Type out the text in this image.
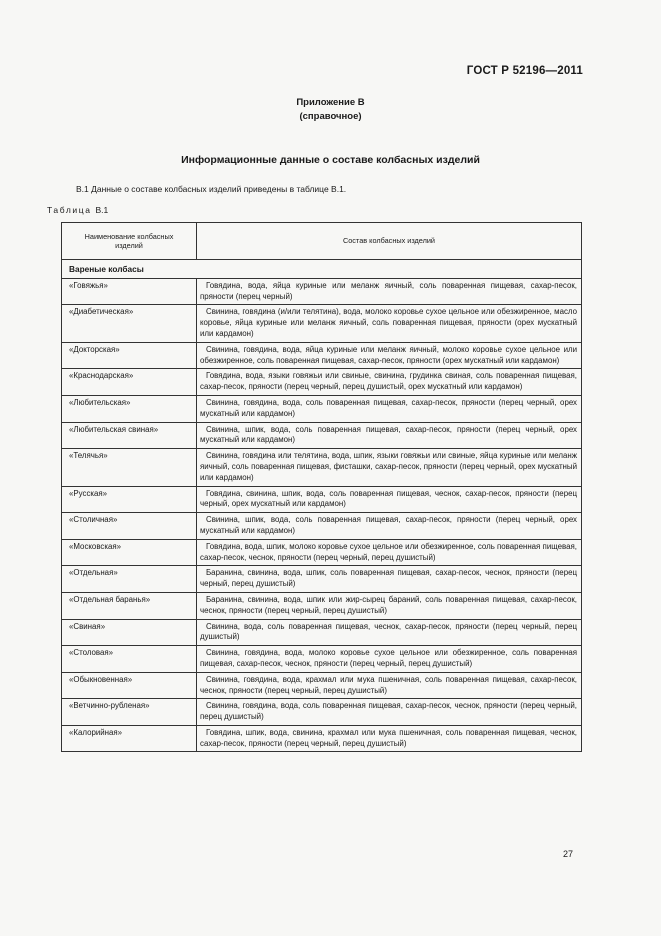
ГОСТ Р 52196—2011
Приложение В
(справочное)
Информационные данные о составе колбасных изделий
В.1 Данные о составе колбасных изделий приведены в таблице В.1.
Таблица В.1
Наименование колбасных изделий	Состав колбасных изделий
Вареные колбасы	
«Говяжья»	Говядина, вода, яйца куриные или меланж яичный, соль поваренная пищевая, сахар-песок, пряности (перец черный)
«Диабетическая»	Свинина, говядина (и/или телятина), вода, молоко коровье сухое цельное или обезжиренное, масло коровье, яйца куриные или меланж яичный, соль поваренная пищевая, пряности (орех мускатный или кардамон)
«Докторская»	Свинина, говядина, вода, яйца куриные или меланж яичный, молоко коровье сухое цельное или обезжиренное, соль поваренная пищевая, сахар-песок, пряности (орех мускатный или кардамон)
«Краснодарская»	Говядина, вода, языки говяжьи или свиные, свинина, грудинка свиная, соль поваренная пищевая, сахар-песок, пряности (перец черный, перец душистый, орех мускатный или кардамон)
«Любительская»	Свинина, говядина, вода, соль поваренная пищевая, сахар-песок, пряности (перец черный, орех мускатный или кардамон)
«Любительская свиная»	Свинина, шпик, вода, соль поваренная пищевая, сахар-песок, пряности (перец черный, орех мускатный или кардамон)
«Телячья»	Свинина, говядина или телятина, вода, шпик, языки говяжьи или свиные, яйца куриные или меланж яичный, соль поваренная пищевая, фисташки, сахар-песок, пряности (перец черный, орех мускатный или кардамон)
«Русская»	Говядина, свинина, шпик, вода, соль поваренная пищевая, чеснок, сахар-песок, пряности (перец черный, орех мускатный или кардамон)
«Столичная»	Свинина, шпик, вода, соль поваренная пищевая, сахар-песок, пряности (перец черный, орех мускатный или кардамон)
«Московская»	Говядина, вода, шпик, молоко коровье сухое цельное или обезжиренное, соль поваренная пищевая, сахар-песок, чеснок, пряности (перец черный, перец душистый)
«Отдельная»	Баранина, свинина, вода, шпик, соль поваренная пищевая, сахар-песок, чеснок, пряности (перец черный, перец душистый)
«Отдельная баранья»	Баранина, свинина, вода, шпик или жир-сырец бараний, соль поваренная пищевая, сахар-песок, чеснок, пряности (перец черный, перец душистый)
«Свиная»	Свинина, вода, соль поваренная пищевая, чеснок, сахар-песок, пряности (перец черный, перец душистый)
«Столовая»	Свинина, говядина, вода, молоко коровье сухое цельное или обезжиренное, соль поваренная пищевая, сахар-песок, чеснок, пряности (перец черный, перец душистый)
«Обыкновенная»	Свинина, говядина, вода, крахмал или мука пшеничная, соль поваренная пищевая, сахар-песок, чеснок, пряности (перец черный, перец душистый)
«Ветчинно-рубленая»	Свинина, говядина, вода, соль поваренная пищевая, сахар-песок, чеснок, пряности (перец черный, перец душистый)
«Калорийная»	Говядина, шпик, вода, свинина, крахмал или мука пшеничная, соль поваренная пищевая, чеснок, сахар-песок, пряности (перец черный, перец душистый)
27
